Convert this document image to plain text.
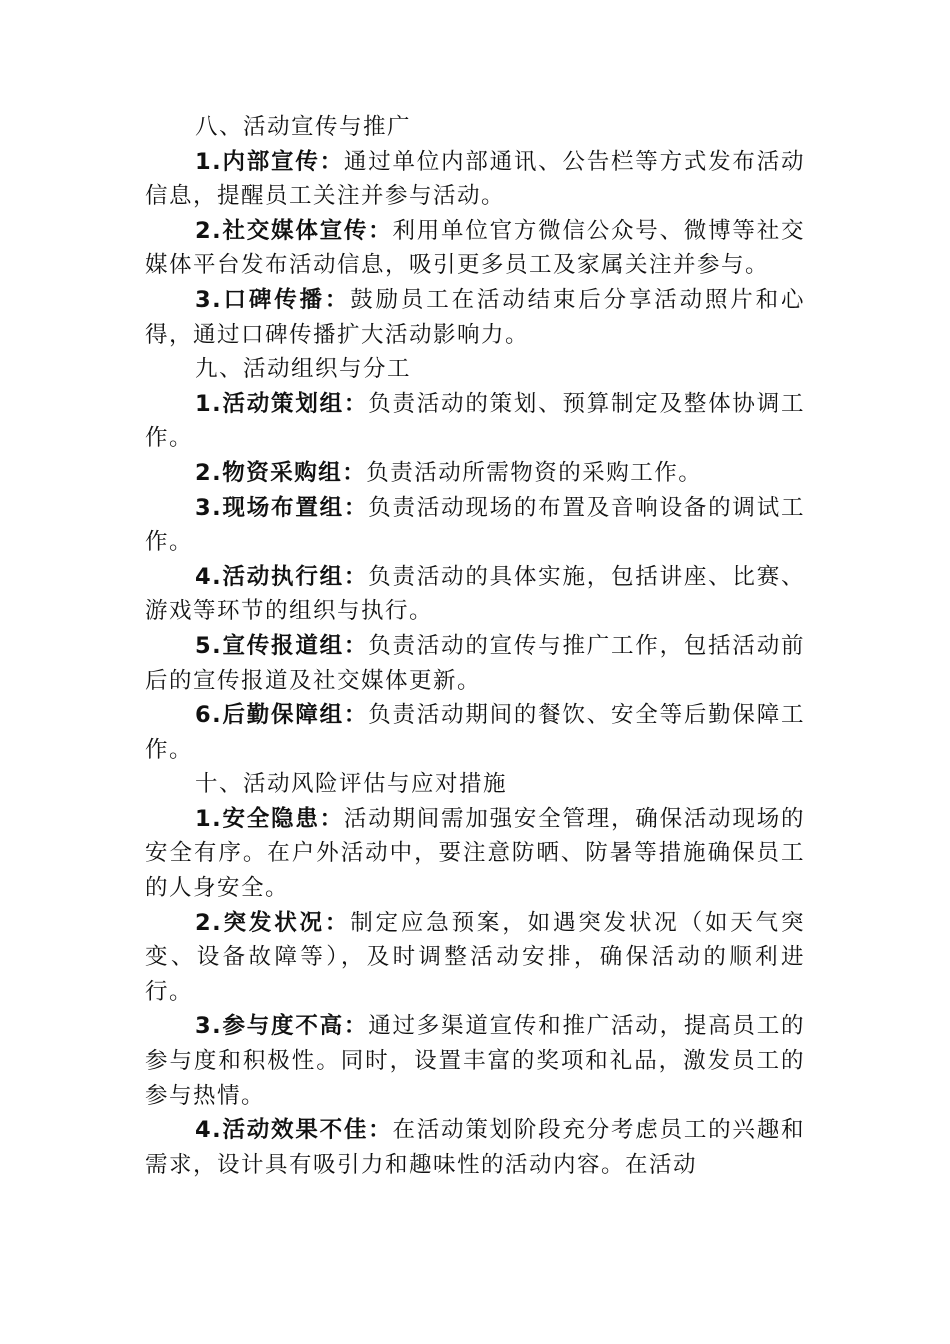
八、活动宣传与推广

1.内部宣传：通过单位内部通讯、公告栏等方式发布活动信息，提醒员工关注并参与活动。

2.社交媒体宣传：利用单位官方微信公众号、微博等社交媒体平台发布活动信息，吸引更多员工及家属关注并参与。

3.口碑传播：鼓励员工在活动结束后分享活动照片和心得，通过口碑传播扩大活动影响力。

九、活动组织与分工

1.活动策划组：负责活动的策划、预算制定及整体协调工作。

2.物资采购组：负责活动所需物资的采购工作。

3.现场布置组：负责活动现场的布置及音响设备的调试工作。

4.活动执行组：负责活动的具体实施，包括讲座、比赛、游戏等环节的组织与执行。

5.宣传报道组：负责活动的宣传与推广工作，包括活动前后的宣传报道及社交媒体更新。

6.后勤保障组：负责活动期间的餐饮、安全等后勤保障工作。

十、活动风险评估与应对措施

1.安全隐患：活动期间需加强安全管理，确保活动现场的安全有序。在户外活动中，要注意防晒、防暑等措施确保员工的人身安全。

2.突发状况：制定应急预案，如遇突发状况（如天气突变、设备故障等），及时调整活动安排，确保活动的顺利进行。

3.参与度不高：通过多渠道宣传和推广活动，提高员工的参与度和积极性。同时，设置丰富的奖项和礼品，激发员工的参与热情。

4.活动效果不佳：在活动策划阶段充分考虑员工的兴趣和需求，设计具有吸引力和趣味性的活动内容。在活动
